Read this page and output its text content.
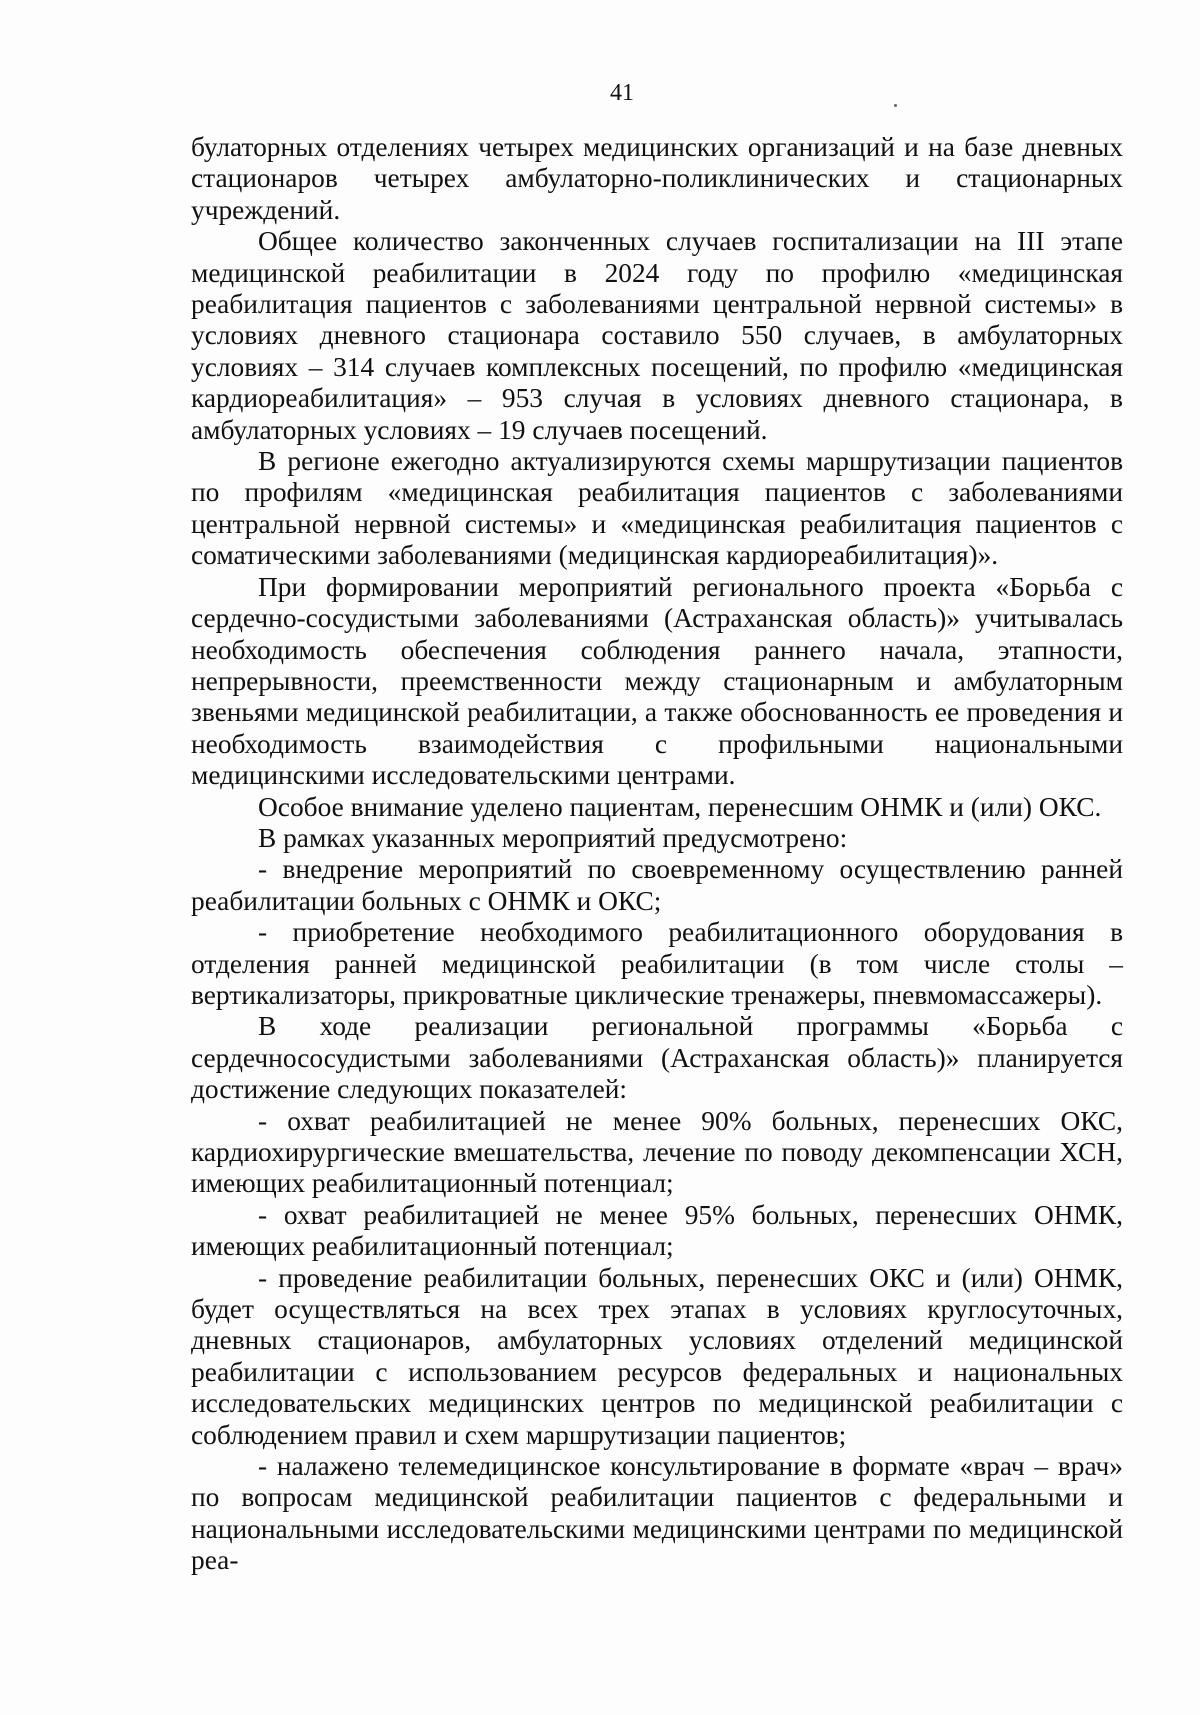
41

булаторных отделениях четырех медицинских организаций и на базе дневных стационаров четырех амбулаторно-поликлинических и стационарных учреждений.

Общее количество законченных случаев госпитализации на III этапе медицинской реабилитации в 2024 году по профилю «медицинская реабилитация пациентов с заболеваниями центральной нервной системы» в условиях дневного стационара составило 550 случаев, в амбулаторных условиях – 314 случаев комплексных посещений, по профилю «медицинская кардиореабилитация» – 953 случая в условиях дневного стационара, в амбулаторных условиях – 19 случаев посещений.

В регионе ежегодно актуализируются схемы маршрутизации пациентов по профилям «медицинская реабилитация пациентов с заболеваниями центральной нервной системы» и «медицинская реабилитация пациентов с соматическими заболеваниями (медицинская кардиореабилитация)».

При формировании мероприятий регионального проекта «Борьба с сердечно-сосудистыми заболеваниями (Астраханская область)» учитывалась необходимость обеспечения соблюдения раннего начала, этапности, непрерывности, преемственности между стационарным и амбулаторным звеньями медицинской реабилитации, а также обоснованность ее проведения и необходимость взаимодействия с профильными национальными медицинскими исследовательскими центрами.

Особое внимание уделено пациентам, перенесшим ОНМК и (или) ОКС.

В рамках указанных мероприятий предусмотрено:

- внедрение мероприятий по своевременному осуществлению ранней реабилитации больных с ОНМК и ОКС;

- приобретение необходимого реабилитационного оборудования в отделения ранней медицинской реабилитации (в том числе столы – вертикализаторы, прикроватные циклические тренажеры, пневмомассажеры).

В ходе реализации региональной программы «Борьба с сердечнососудистыми заболеваниями (Астраханская область)» планируется достижение следующих показателей:

- охват реабилитацией не менее 90% больных, перенесших ОКС, кардиохирургические вмешательства, лечение по поводу декомпенсации ХСН, имеющих реабилитационный потенциал;

- охват реабилитацией не менее 95% больных, перенесших ОНМК, имеющих реабилитационный потенциал;

- проведение реабилитации больных, перенесших ОКС и (или) ОНМК, будет осуществляться на всех трех этапах в условиях круглосуточных, дневных стационаров, амбулаторных условиях отделений медицинской реабилитации с использованием ресурсов федеральных и национальных исследовательских медицинских центров по медицинской реабилитации с соблюдением правил и схем маршрутизации пациентов;

- налажено телемедицинское консультирование в формате «врач – врач» по вопросам медицинской реабилитации пациентов с федеральными и национальными исследовательскими медицинскими центрами по медицинской реа-
